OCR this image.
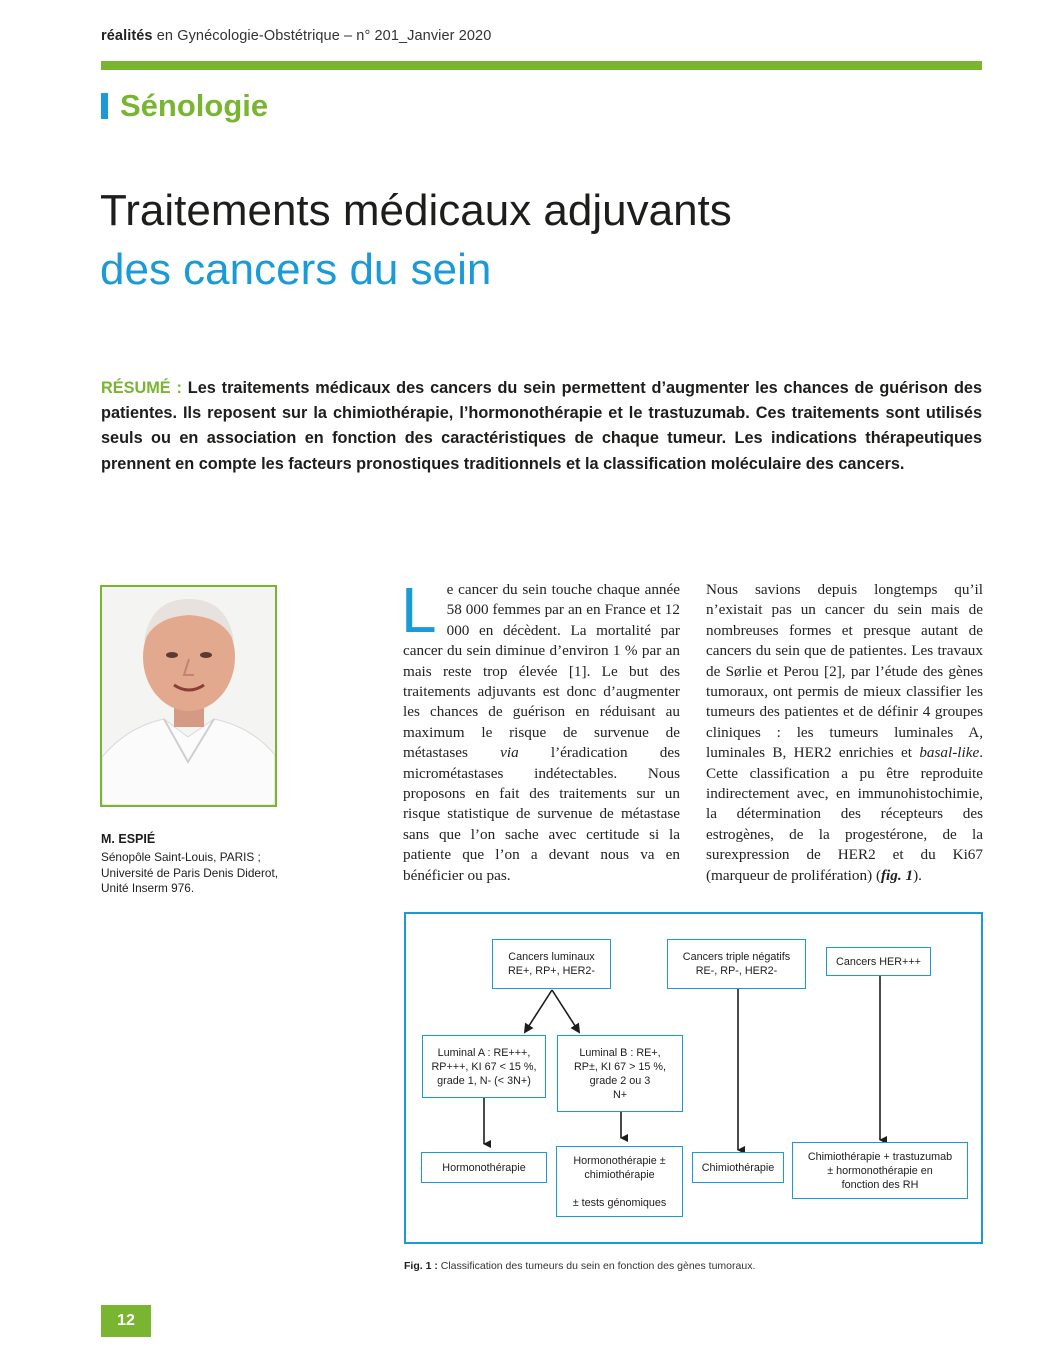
réalités en Gynécologie-Obstétrique – n° 201_Janvier 2020
Sénologie
Traitements médicaux adjuvants
des cancers du sein
RÉSUMÉ : Les traitements médicaux des cancers du sein permettent d’augmenter les chances de guérison des patientes. Ils reposent sur la chimiothérapie, l’hormonothérapie et le trastuzumab. Ces traitements sont utilisés seuls ou en association en fonction des caractéristiques de chaque tumeur. Les indications thérapeutiques prennent en compte les facteurs pronostiques traditionnels et la classification moléculaire des cancers.
M. ESPIÉ
Sénopôle Saint-Louis, PARIS ;
Université de Paris Denis Diderot,
Unité Inserm 976.
Le cancer du sein touche chaque année 58 000 femmes par an en France et 12 000 en décèdent. La mortalité par cancer du sein diminue d’environ 1 % par an mais reste trop élevée [1]. Le but des traitements adjuvants est donc d’augmenter les chances de guérison en réduisant au maximum le risque de survenue de métastases via l’éradication des micrométastases indétectables. Nous proposons en fait des traitements sur un risque statistique de survenue de métastase sans que l’on sache avec certitude si la patiente que l’on a devant nous va en bénéficier ou pas.
Nous savions depuis longtemps qu’il n’existait pas un cancer du sein mais de nombreuses formes et presque autant de cancers du sein que de patientes. Les travaux de Sørlie et Perou [2], par l’étude des gènes tumoraux, ont permis de mieux classifier les tumeurs des patientes et de définir 4 groupes cliniques : les tumeurs luminales A, luminales B, HER2 enrichies et basal-like. Cette classification a pu être reproduite indirectement avec, en immunohistochimie, la détermination des récepteurs des estrogènes, de la progestérone, de la surexpression de HER2 et du Ki67 (marqueur de prolifération) (fig. 1).
Cancers luminaux
RE+, RP+, HER2-
Cancers triple négatifs
RE-, RP-, HER2-
Cancers HER+++
Luminal A : RE+++,
RP+++, KI 67 < 15 %,
grade 1, N- (< 3N+)
Luminal B : RE+,
RP±, KI 67 > 15 %,
grade 2 ou 3
N+
Hormonothérapie
Hormonothérapie ±
chimiothérapie

± tests génomiques
Chimiothérapie
Chimiothérapie + trastuzumab
± hormonothérapie en
fonction des RH
Fig. 1 : Classification des tumeurs du sein en fonction des gènes tumoraux.
12
